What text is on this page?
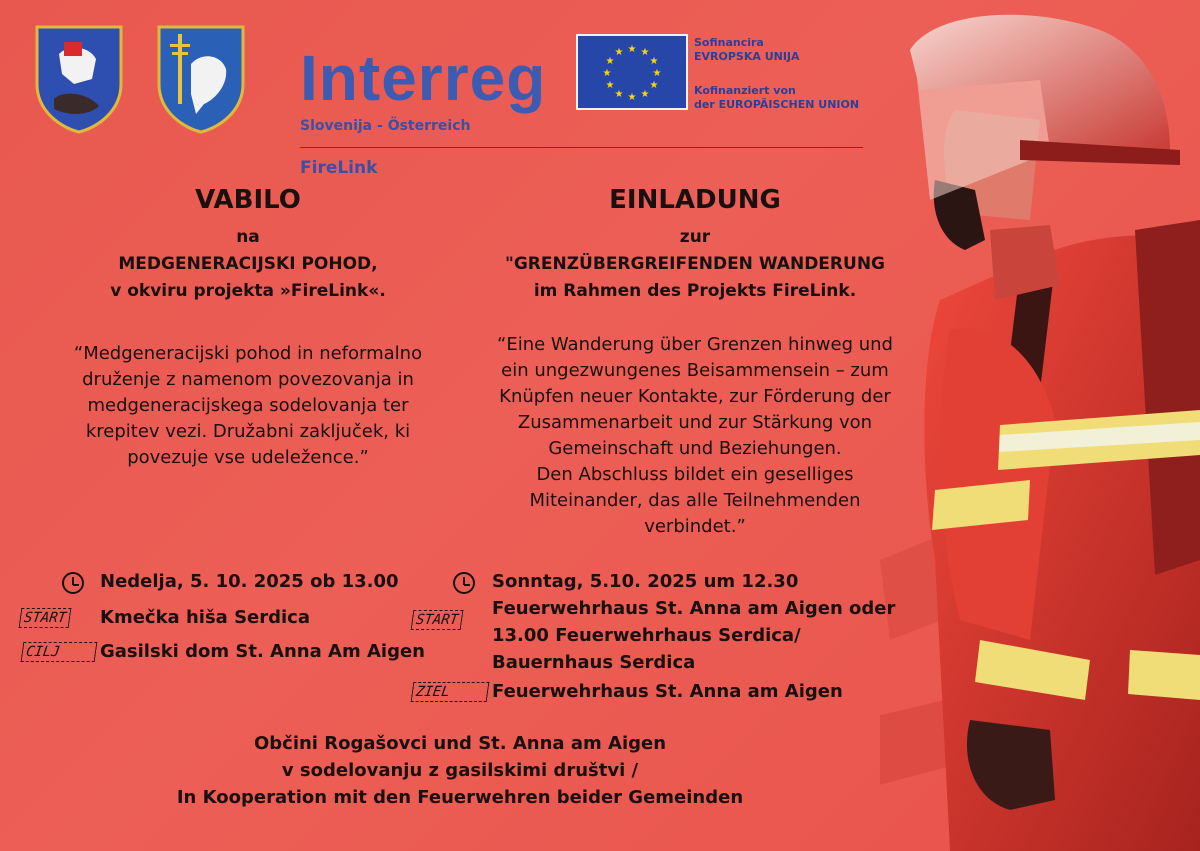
Interreg
Slovenija - Österreich
FireLink
★ ★
★
★
★
★
★
★
★
★
★
★
Sofinancira
EVROPSKA UNIJA
Kofinanziert von
der EUROPÄISCHEN UNION
VABILO
na
MEDGENERACIJSKI POHOD,
v okviru projekta »FireLink«.
“Medgeneracijski pohod in neformalno druženje z namenom povezovanja in medgeneracijskega sodelovanja ter krepitev vezi. Družabni zaključek, ki povezuje vse udeležence.”
Nedelja, 5. 10. 2025 ob 13.00
START Kmečka hiša Serdica
CILJ	Gasilski dom St. Anna Am Aigen
EINLADUNG
zur
"GRENZÜBERGREIFENDEN WANDERUNG
im Rahmen des Projekts FireLink.
“Eine Wanderung über Grenzen hinweg und
ein ungezwungenes Beisammensein – zum
Knüpfen neuer Kontakte, zur Förderung der
Zusammenarbeit und zur Stärkung von
Gemeinschaft und Beziehungen.
Den Abschluss bildet ein geselliges
Miteinander, das alle Teilnehmenden
verbindet.”
Sonntag, 5.10. 2025 um 12.30
START
Feuerwehrhaus St. Anna am Aigen oder
13.00 Feuerwehrhaus Serdica/
Bauernhaus Serdica
ZIEL	Feuerwehrhaus St. Anna am Aigen
Občini Rogašovci und St. Anna am Aigen
v sodelovanju z gasilskimi društvi /
In Kooperation mit den Feuerwehren beider Gemeinden
